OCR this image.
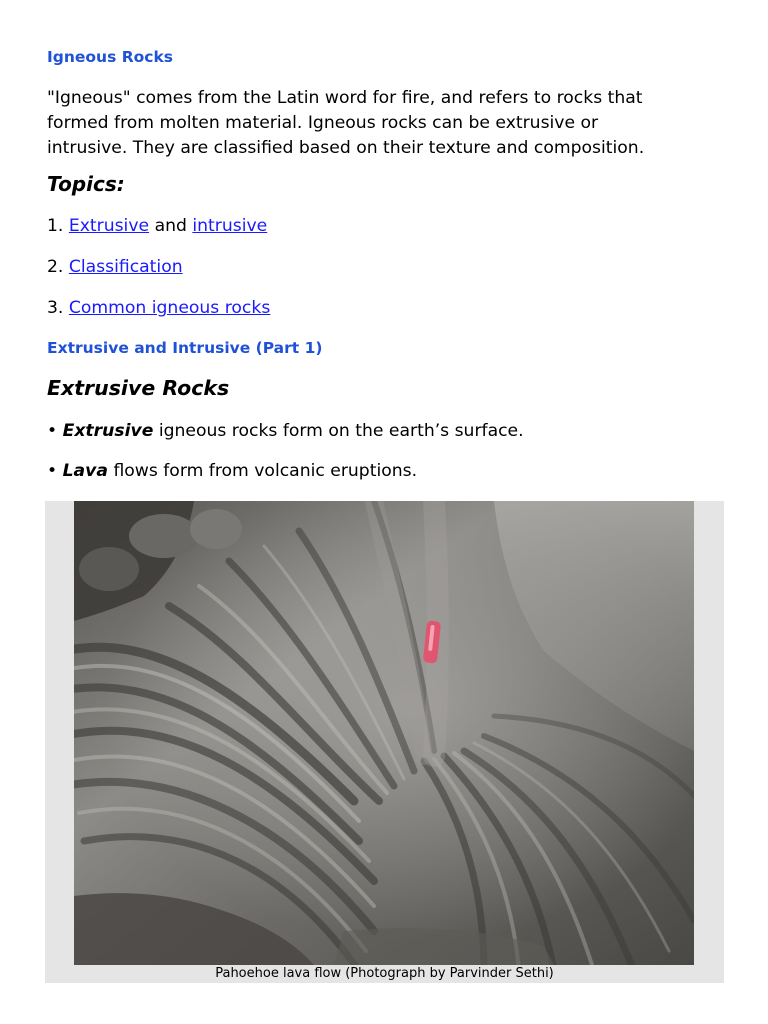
Igneous Rocks
"Igneous" comes from the Latin word for fire, and refers to rocks that
formed from molten material. Igneous rocks can be extrusive or
intrusive. They are classified based on their texture and composition.
Topics:
1. Extrusive and intrusive
2. Classification
3. Common igneous rocks
Extrusive and Intrusive (Part 1)
Extrusive Rocks
• Extrusive igneous rocks form on the earth’s surface.
• Lava flows form from volcanic eruptions.
Pahoehoe lava flow (Photograph by Parvinder Sethi)
